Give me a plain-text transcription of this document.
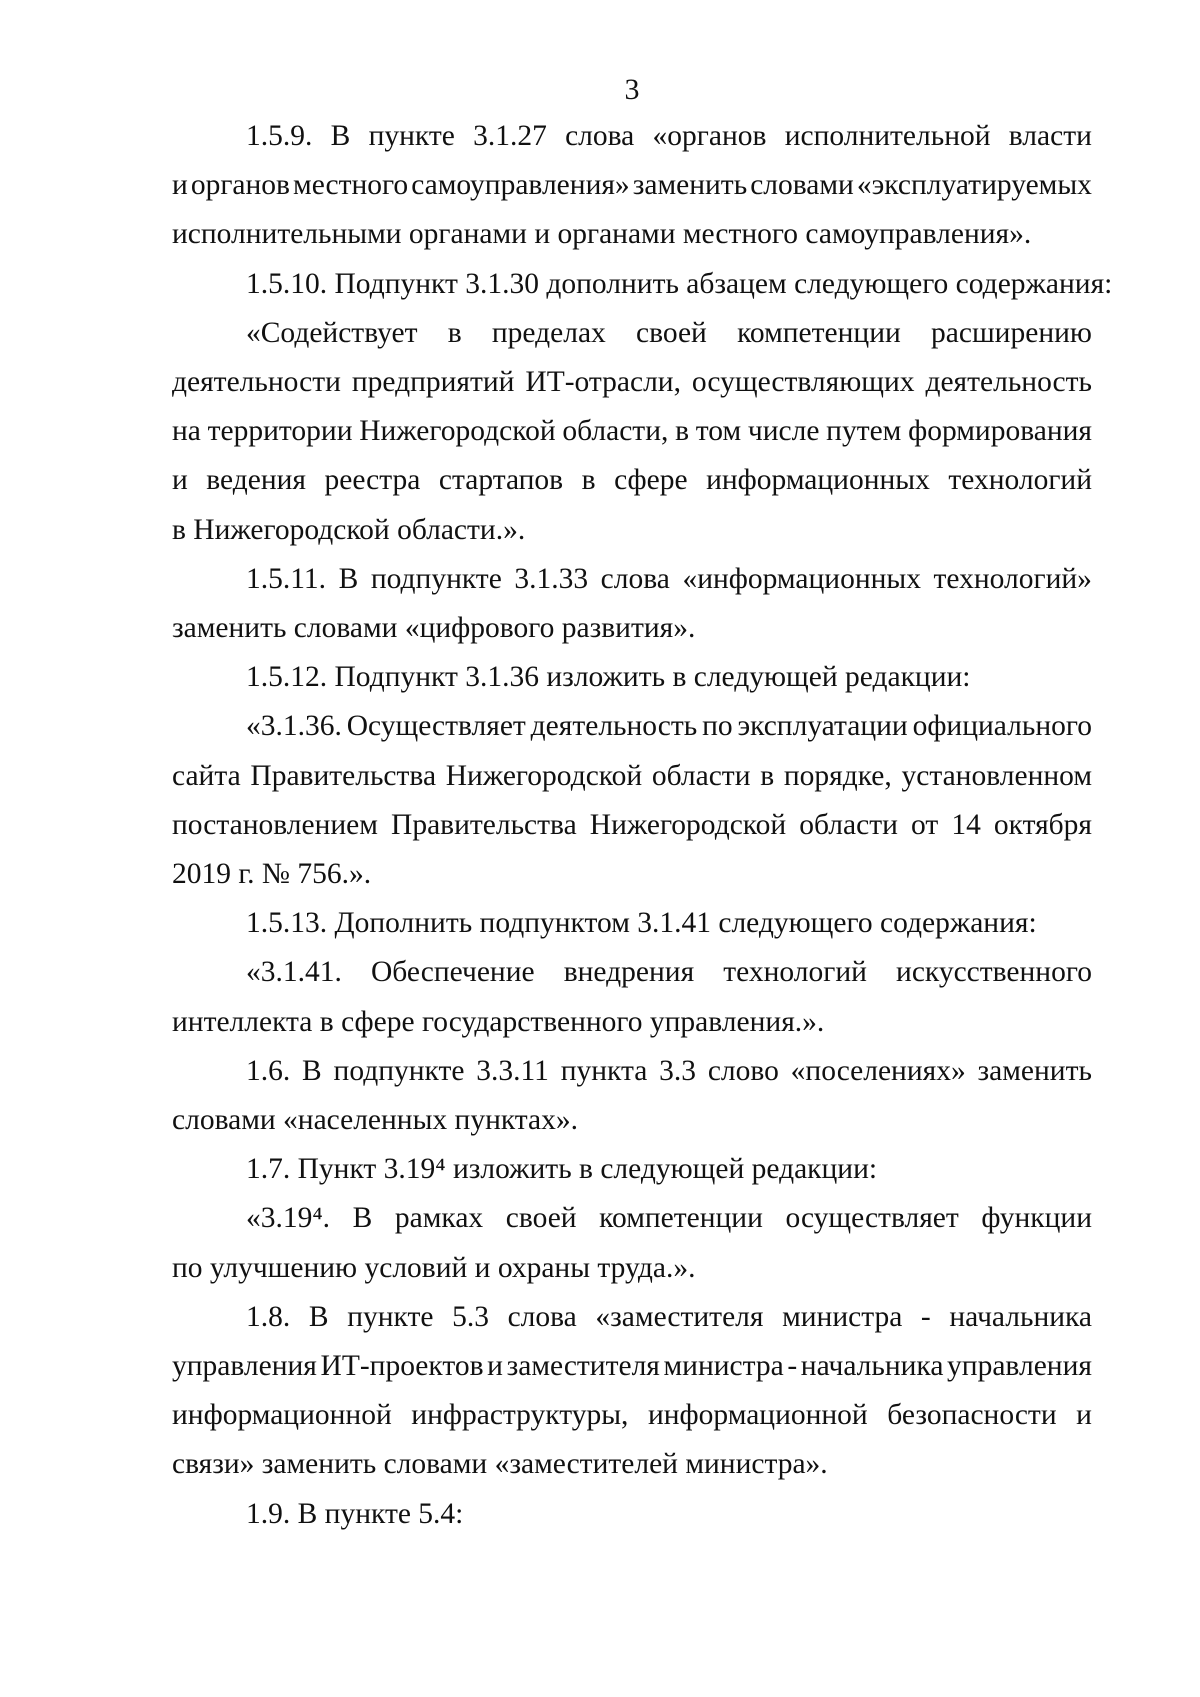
3
1.5.9. В пункте 3.1.27 слова «органов исполнительной власти
и органов местного самоуправления» заменить словами «эксплуатируемых
исполнительными органами и органами местного самоуправления».
1.5.10. Подпункт 3.1.30 дополнить абзацем следующего содержания:
«Содействует в пределах своей компетенции расширению
деятельности предприятий ИТ-отрасли, осуществляющих деятельность
на территории Нижегородской области, в том числе путем формирования
и ведения реестра стартапов в сфере информационных технологий
в Нижегородской области.».
1.5.11. В подпункте 3.1.33 слова «информационных технологий»
заменить словами «цифрового развития».
1.5.12. Подпункт 3.1.36 изложить в следующей редакции:
«3.1.36. Осуществляет деятельность по эксплуатации официального
сайта Правительства Нижегородской области в порядке, установленном
постановлением Правительства Нижегородской области от 14 октября
2019 г. № 756.».
1.5.13. Дополнить подпунктом 3.1.41 следующего содержания:
«3.1.41. Обеспечение внедрения технологий искусственного
интеллекта в сфере государственного управления.».
1.6. В подпункте 3.3.11 пункта 3.3 слово «поселениях» заменить
словами «населенных пунктах».
1.7. Пункт 3.19⁴ изложить в следующей редакции:
«3.19⁴. В рамках своей компетенции осуществляет функции
по улучшению условий и охраны труда.».
1.8. В пункте 5.3 слова «заместителя министра - начальника
управления ИТ-проектов и заместителя министра - начальника управления
информационной инфраструктуры, информационной безопасности и
связи» заменить словами «заместителей министра».
1.9. В пункте 5.4:
